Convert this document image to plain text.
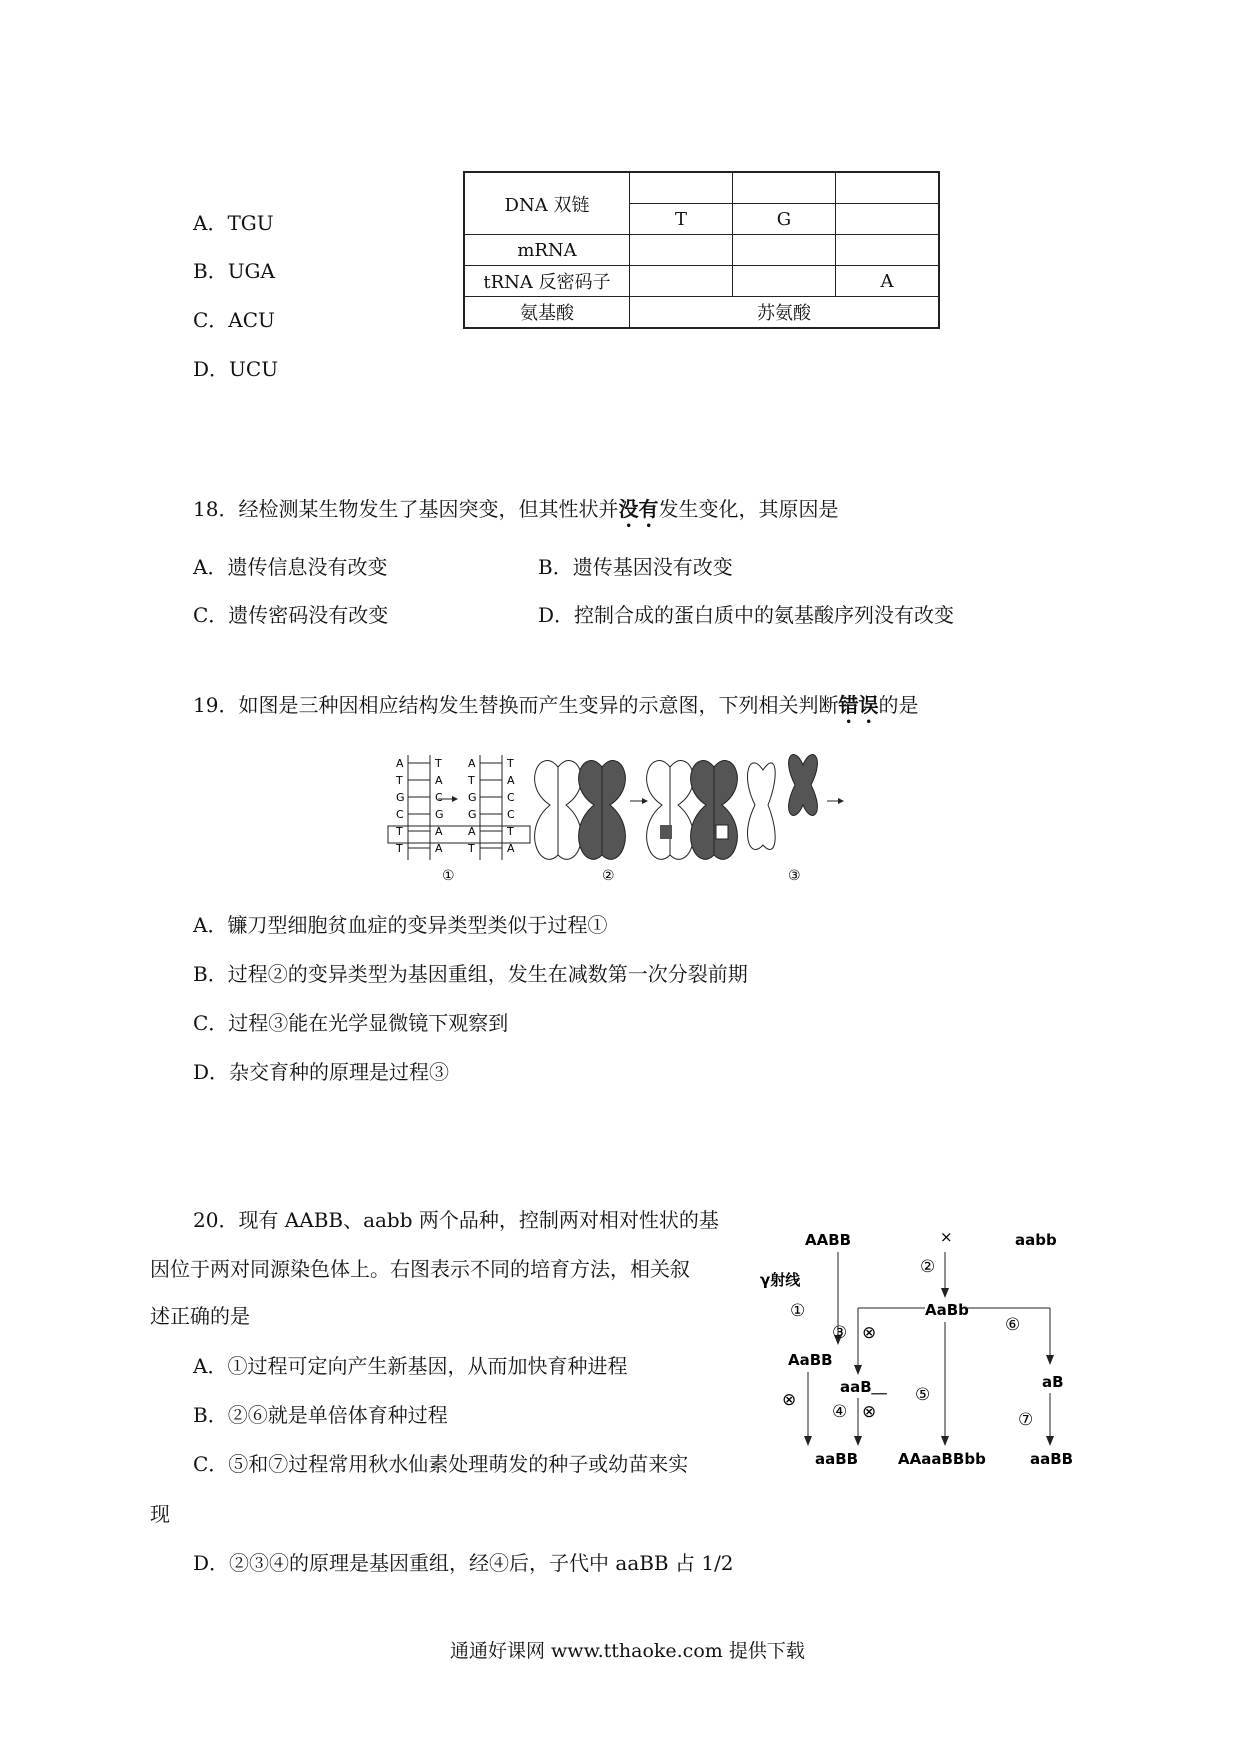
A．TGU
B．UGA
C．ACU
D．UCU
DNA 双链			
	T	G	
mRNA			
tRNA 反密码子			A
氨基酸	苏氨酸		
18．经检测某生物发生了基因突变，但其性状并没有发生变化，其原因是
A．遗传信息没有改变	B．遗传基因没有改变
C．遗传密码没有改变	D．控制合成的蛋白质中的氨基酸序列没有改变
19．如图是三种因相应结构发生替换而产生变异的示意图，下列相关判断错误的是
A	T A	T
T	A T	A
G	C G	C
C	G G	C
T	A A	T
T	A T	A
①	②	③
A．镰刀型细胞贫血症的变异类型类似于过程①
B．过程②的变异类型为基因重组，发生在减数第一次分裂前期
C．过程③能在光学显微镜下观察到
D．杂交育种的原理是过程③
20．现有 AABB、aabb 两个品种，控制两对相对性状的基
因位于两对同源染色体上。右图表示不同的培育方法，相关叙
述正确的是
A．①过程可定向产生新基因，从而加快育种进程
B．②⑥就是单倍体育种过程
C．⑤和⑦过程常用秋水仙素处理萌发的种子或幼苗来实
现
D．②③④的原理是基因重组，经④后，子代中 aaBB 占 1/2
AABB	×	aabb
γ射线
②
AaBb
①
③ ⊗	⑥
AaBB
aaB＿	aB
⊗
④ ⊗
⑤
⑦
aaBB	AAaaBBbb	aaBB
通通好课网 www.tthaoke.com 提供下载
